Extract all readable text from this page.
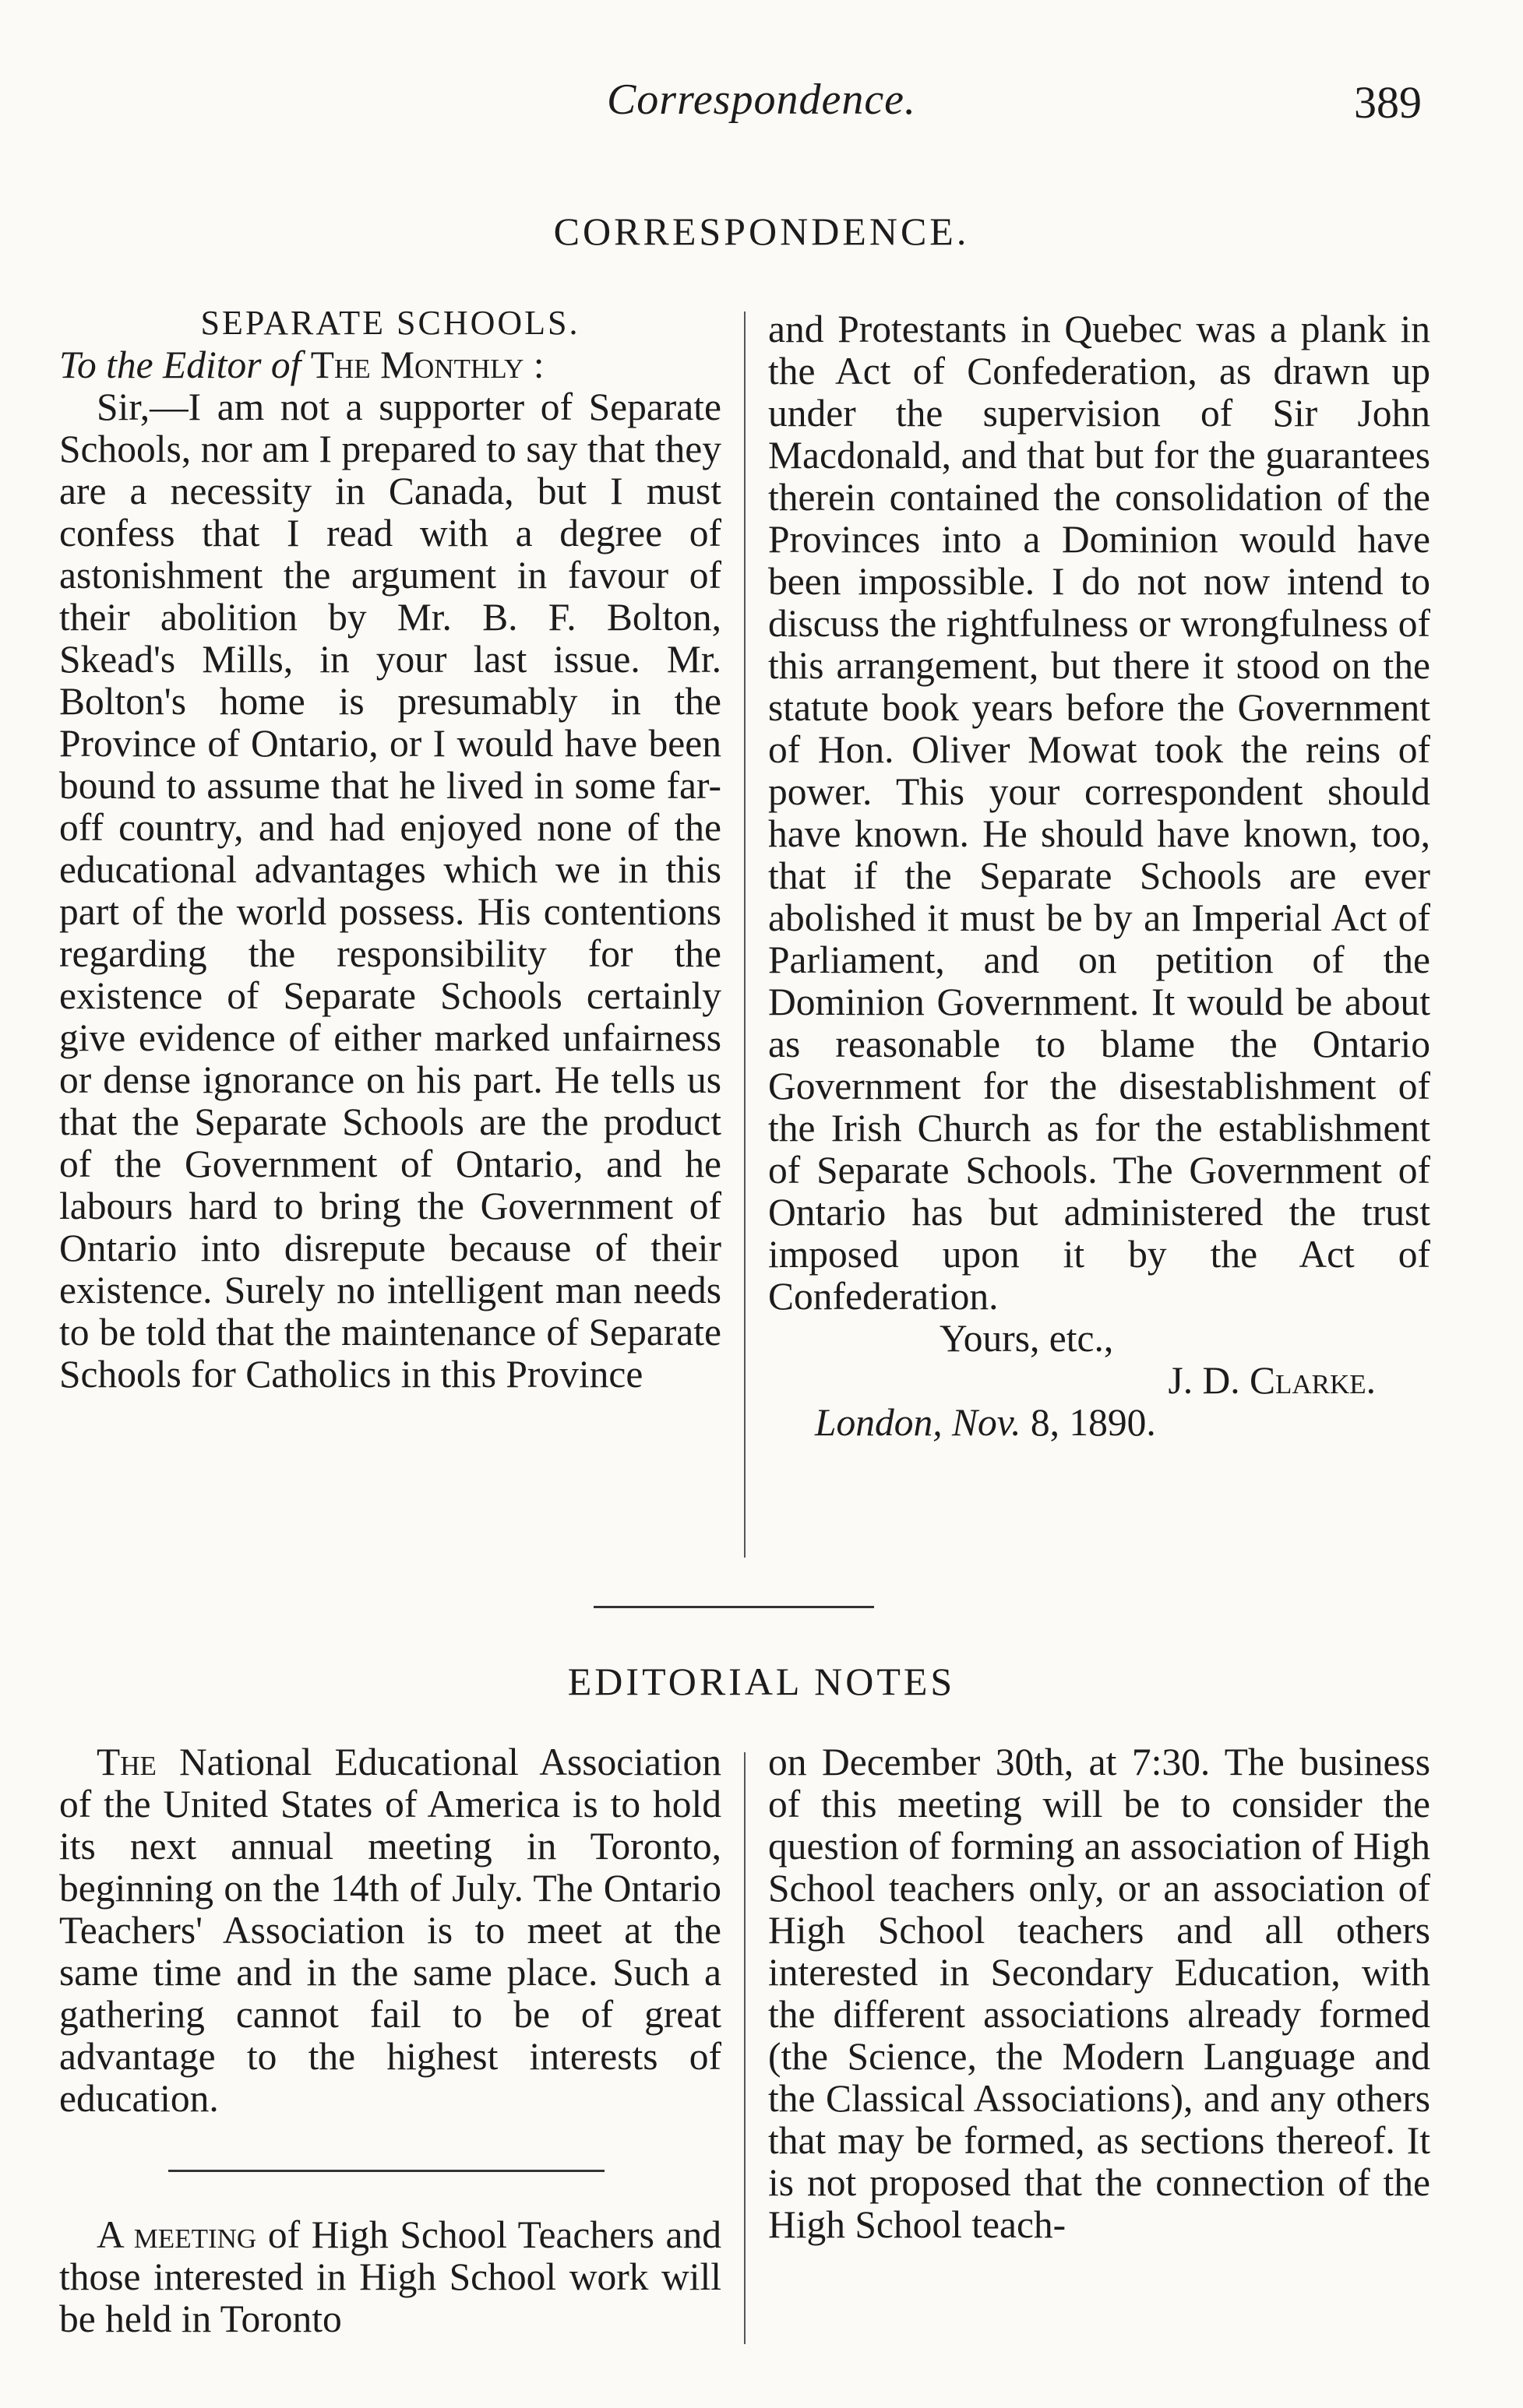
Correspondence.	389
CORRESPONDENCE.

SEPARATE SCHOOLS.

To the Editor of The Monthly :

Sir,—I am not a supporter of Separate Schools, nor am I prepared to say that they are a necessity in Canada, but I must confess that I read with a degree of astonishment the argument in favour of their abolition by Mr. B. F. Bolton, Skead's Mills, in your last issue. Mr. Bolton's home is presumably in the Province of Ontario, or I would have been bound to assume that he lived in some far-off country, and had enjoyed none of the educational advantages which we in this part of the world possess. His contentions regarding the responsibility for the existence of Separate Schools certainly give evidence of either marked unfairness or dense ignorance on his part. He tells us that the Separate Schools are the product of the Government of Ontario, and he labours hard to bring the Government of Ontario into disrepute because of their existence. Surely no intelligent man needs to be told that the maintenance of Separate Schools for Catholics in this Province

and Protestants in Quebec was a plank in the Act of Confederation, as drawn up under the supervision of Sir John Macdonald, and that but for the guarantees therein contained the consolidation of the Provinces into a Dominion would have been impossible. I do not now intend to discuss the rightfulness or wrongfulness of this arrangement, but there it stood on the statute book years before the Government of Hon. Oliver Mowat took the reins of power. This your correspondent should have known. He should have known, too, that if the Separate Schools are ever abolished it must be by an Imperial Act of Parliament, and on petition of the Dominion Government. It would be about as reasonable to blame the Ontario Government for the disestablishment of the Irish Church as for the establishment of Separate Schools. The Government of Ontario has but administered the trust imposed upon it by the Act of Confederation.

Yours, etc.,

J. D. Clarke.

London, Nov. 8, 1890.

EDITORIAL NOTES

The National Educational Association of the United States of America is to hold its next annual meeting in Toronto, beginning on the 14th of July. The Ontario Teachers' Association is to meet at the same time and in the same place. Such a gathering cannot fail to be of great advantage to the highest interests of education.

A meeting of High School Teachers and those interested in High School work will be held in Toronto

on December 30th, at 7:30. The business of this meeting will be to consider the question of forming an association of High School teachers only, or an association of High School teachers and all others interested in Secondary Education, with the different associations already formed (the Science, the Modern Language and the Classical Associations), and any others that may be formed, as sections thereof. It is not proposed that the connection of the High School teach-
